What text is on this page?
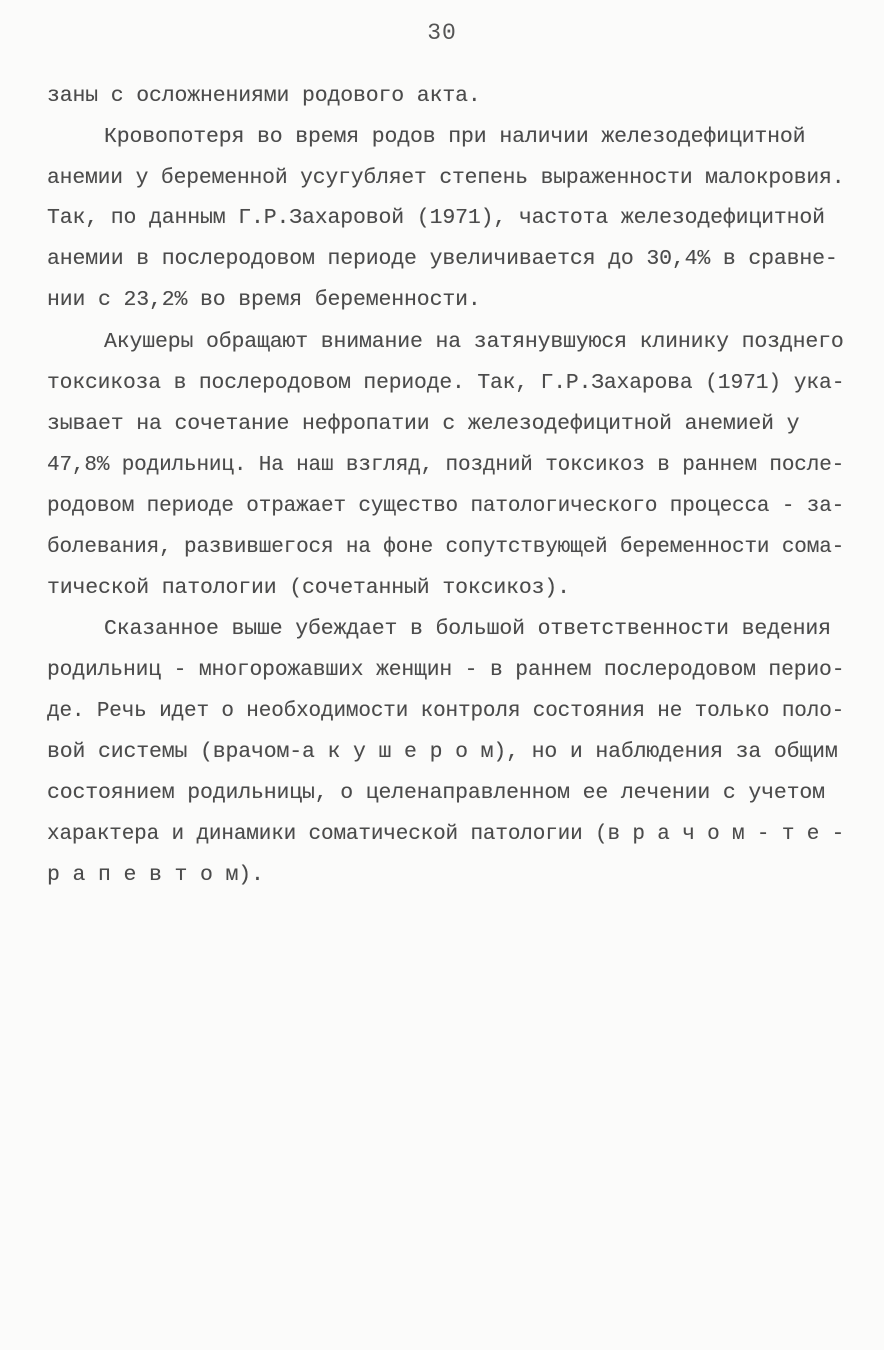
30
заны с осложнениями родового акта.
Кровопотеря во время родов при наличии железодефицитной
анемии у беременной усугубляет степень выраженности малокровия.
Так, по данным Г.Р.Захаровой (1971), частота железодефицитной
анемии в послеродовом периоде увеличивается до 30,4% в сравне-
нии с 23,2% во время беременности.
Акушеры обращают внимание на затянувшуюся клинику позднего
токсикоза в послеродовом периоде. Так, Г.Р.Захарова (1971) ука-
зывает на сочетание нефропатии с железодефицитной анемией у
47,8% родильниц. На наш взгляд, поздний токсикоз в раннем после-
родовом периоде отражает существо патологического процесса - за-
болевания, развившегося на фоне сопутствующей беременности сома-
тической патологии (сочетанный токсикоз).
Сказанное выше убеждает в большой ответственности ведения
родильниц - многорожавших женщин - в раннем послеродовом перио-
де. Речь идет о необходимости контроля состояния не только поло-
вой системы (врачом-а к у ш е р о м), но и наблюдения за общим
состоянием родильницы, о целенаправленном ее лечении с учетом
характера и динамики соматической патологии (в р а ч о м - т е -
р а п е в т о м).
